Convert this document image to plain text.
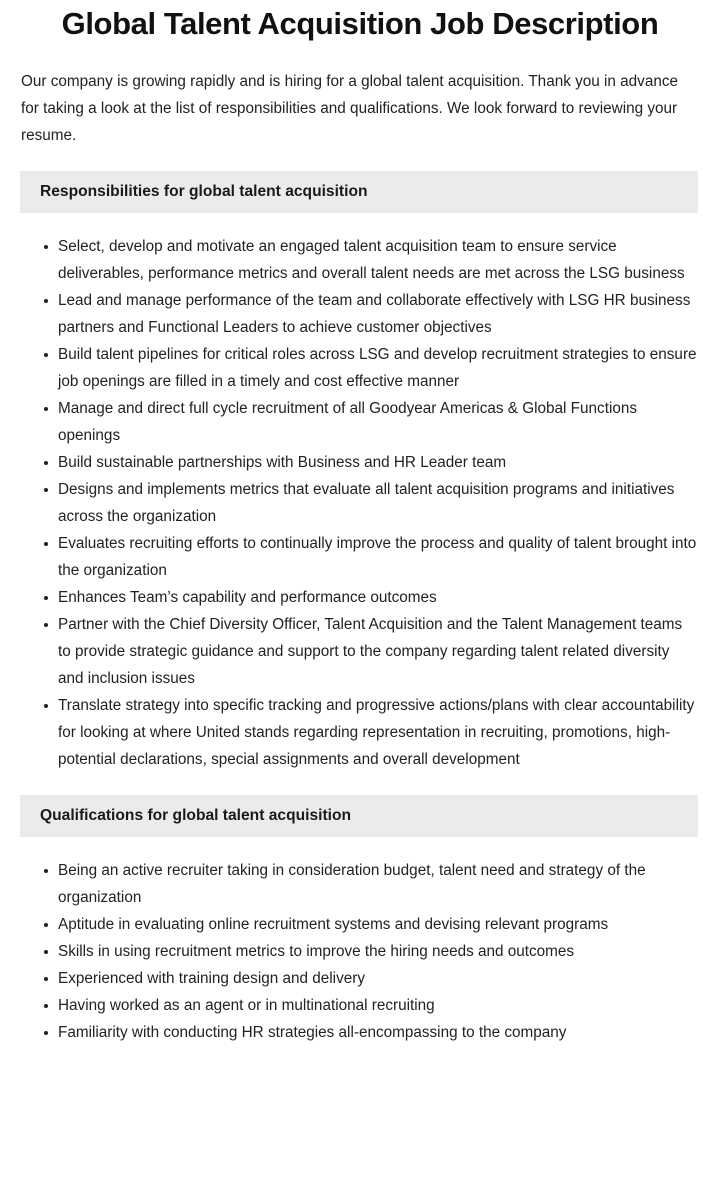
Global Talent Acquisition Job Description

Our company is growing rapidly and is hiring for a global talent acquisition. Thank you in advance for taking a look at the list of responsibilities and qualifications. We look forward to reviewing your resume.

Responsibilities for global talent acquisition
Select, develop and motivate an engaged talent acquisition team to ensure service deliverables, performance metrics and overall talent needs are met across the LSG business
Lead and manage performance of the team and collaborate effectively with LSG HR business partners and Functional Leaders to achieve customer objectives
Build talent pipelines for critical roles across LSG and develop recruitment strategies to ensure job openings are filled in a timely and cost effective manner
Manage and direct full cycle recruitment of all Goodyear Americas & Global Functions openings
Build sustainable partnerships with Business and HR Leader team
Designs and implements metrics that evaluate all talent acquisition programs and initiatives across the organization
Evaluates recruiting efforts to continually improve the process and quality of talent brought into the organization
Enhances Team’s capability and performance outcomes
Partner with the Chief Diversity Officer, Talent Acquisition and the Talent Management teams to provide strategic guidance and support to the company regarding talent related diversity and inclusion issues
Translate strategy into specific tracking and progressive actions/plans with clear accountability for looking at where United stands regarding representation in recruiting, promotions, high-potential declarations, special assignments and overall development
Qualifications for global talent acquisition
Being an active recruiter taking in consideration budget, talent need and strategy of the organization
Aptitude in evaluating online recruitment systems and devising relevant programs
Skills in using recruitment metrics to improve the hiring needs and outcomes
Experienced with training design and delivery
Having worked as an agent or in multinational recruiting
Familiarity with conducting HR strategies all-encompassing to the company
